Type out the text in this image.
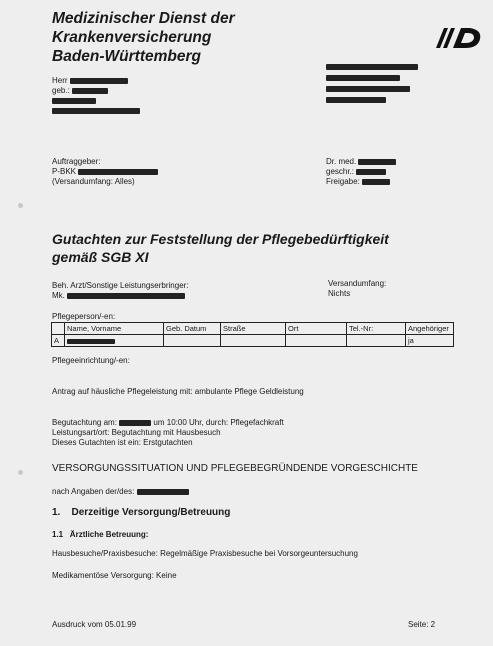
Medizinischer Dienst der
Krankenversicherung
Baden-Württemberg
Herr
geb.:
Auftraggeber:
P-BKK
(Versandumfang: Alles)
Dr. med.
geschr.:
Freigabe:
Gutachten zur Feststellung der Pflegebedürftigkeit
gemäß SGB XI
Beh. Arzt/Sonstige Leistungserbringer:
Mk.
Versandumfang:
Nichts
Pflegeperson/-en:
	Name, Vorname	Geb. Datum	Straße	Ort	Tel.-Nr:	Angehöriger
A						ja
Pflegeeinrichtung/-en:
Antrag auf häusliche Pflegeleistung mit: ambulante Pflege Geldleistung
Begutachtung am:	um 10:00 Uhr, durch: Pflegefachkraft
Leistungsart/ort: Begutachtung mit Hausbesuch
Dieses Gutachten ist ein: Erstgutachten
VERSORGUNGSSITUATION UND PFLEGEBEGRÜNDENDE VORGESCHICHTE
nach Angaben der/des:
1. Derzeitige Versorgung/Betreuung
1.1 Ärztliche Betreuung:
Hausbesuche/Praxisbesuche: Regelmäßige Praxisbesuche bei Vorsorgeuntersuchung
Medikamentöse Versorgung: Keine
Ausdruck vom 05.01.99	Seite: 2
